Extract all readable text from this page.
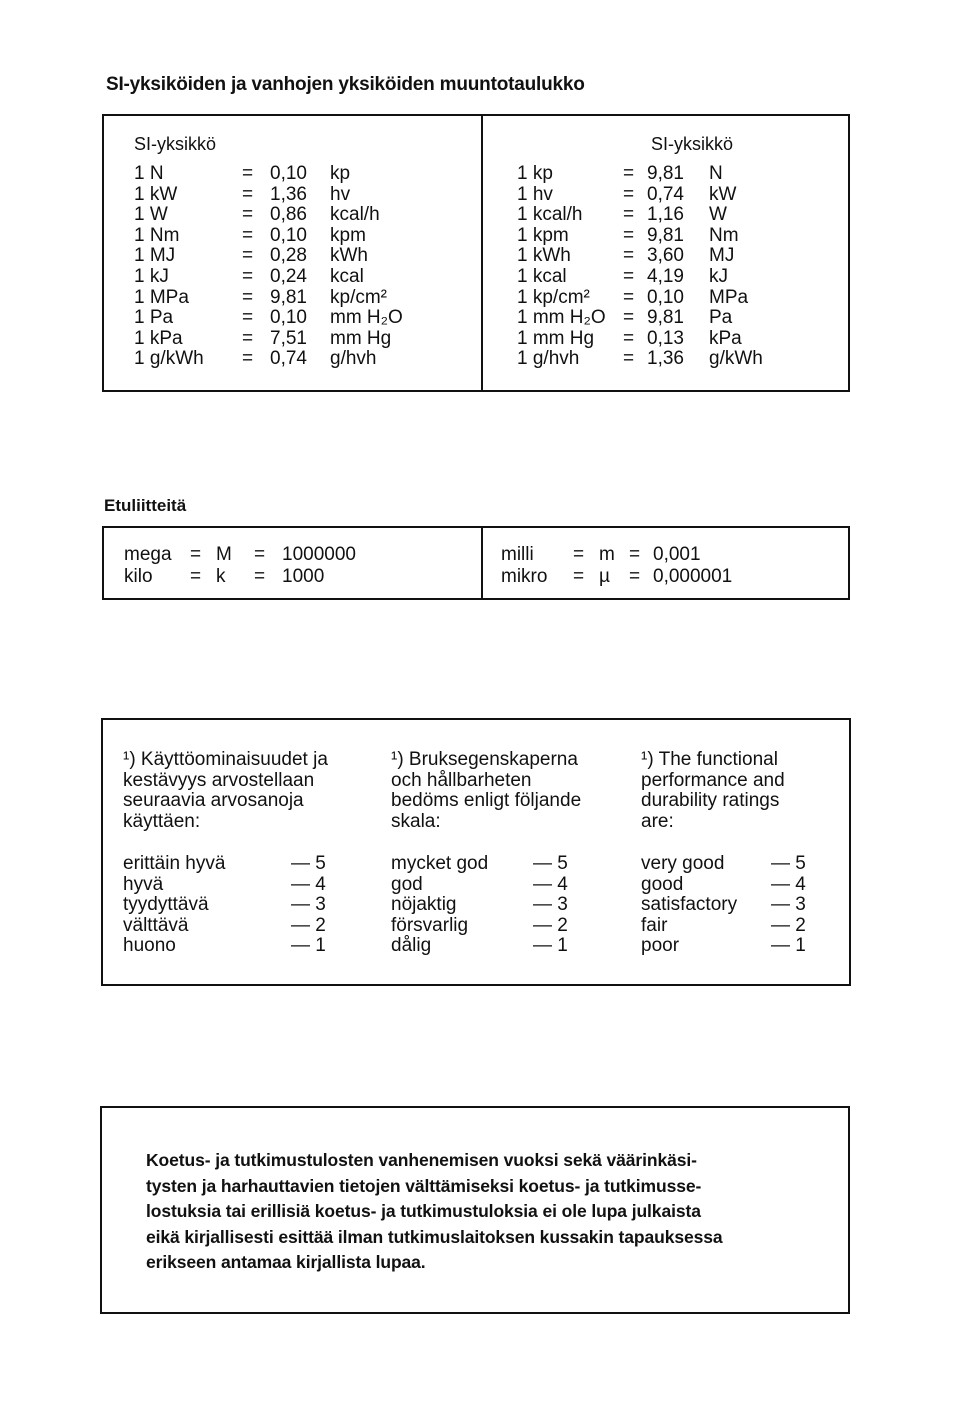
SI-yksiköiden ja vanhojen yksiköiden muuntotaulukko
SI-yksikkö
1 N	= 0,10 kp
1 kW	= 1,36 hv
1 W	= 0,86 kcal/h
1 Nm	= 0,10 kpm
1 MJ	= 0,28 kWh
1 kJ	= 0,24 kcal
1 MPa	= 9,81 kp/cm²
1 Pa	= 0,10 mm H₂O
1 kPa	= 7,51 mm Hg
1 g/kWh = 0,74 g/hvh
SI-yksikkö
1 kp	= 9,81 N
1 hv	= 0,74 kW
1 kcal/h = 1,16 W
1 kpm	= 9,81 Nm
1 kWh	= 3,60 MJ
1 kcal	= 4,19 kJ
1 kp/cm² = 0,10 MPa
1 mm H₂O = 9,81 Pa
1 mm Hg = 0,13 kPa
1 g/hvh = 1,36 g/kWh
Etuliitteitä
mega = M = 1000000
kilo = k = 1000
milli = m = 0,001
mikro = µ = 0,000001
¹) Käyttöominaisuudet ja
kestävyys arvostellaan
seuraavia arvosanoja
käyttäen:
erittäin hyvä	— 5
hyvä	— 4
tyydyttävä	— 3
välttävä	— 2
huono	— 1
¹) Bruksegenskaperna
och hållbarheten
bedöms enligt följande
skala:
mycket god — 5
god	— 4
nöjaktig	— 3
försvarlig	— 2
dålig	— 1
¹) The functional
performance and
durability ratings
are:
very good — 5
good	— 4
satisfactory — 3
fair	— 2
poor	— 1
Koetus- ja tutkimustulosten vanhenemisen vuoksi sekä väärinkäsi-
tysten ja harhauttavien tietojen välttämiseksi koetus- ja tutkimusse-
lostuksia tai erillisiä koetus- ja tutkimustuloksia ei ole lupa julkaista
eikä kirjallisesti esittää ilman tutkimuslaitoksen kussakin tapauksessa
erikseen antamaa kirjallista lupaa.
